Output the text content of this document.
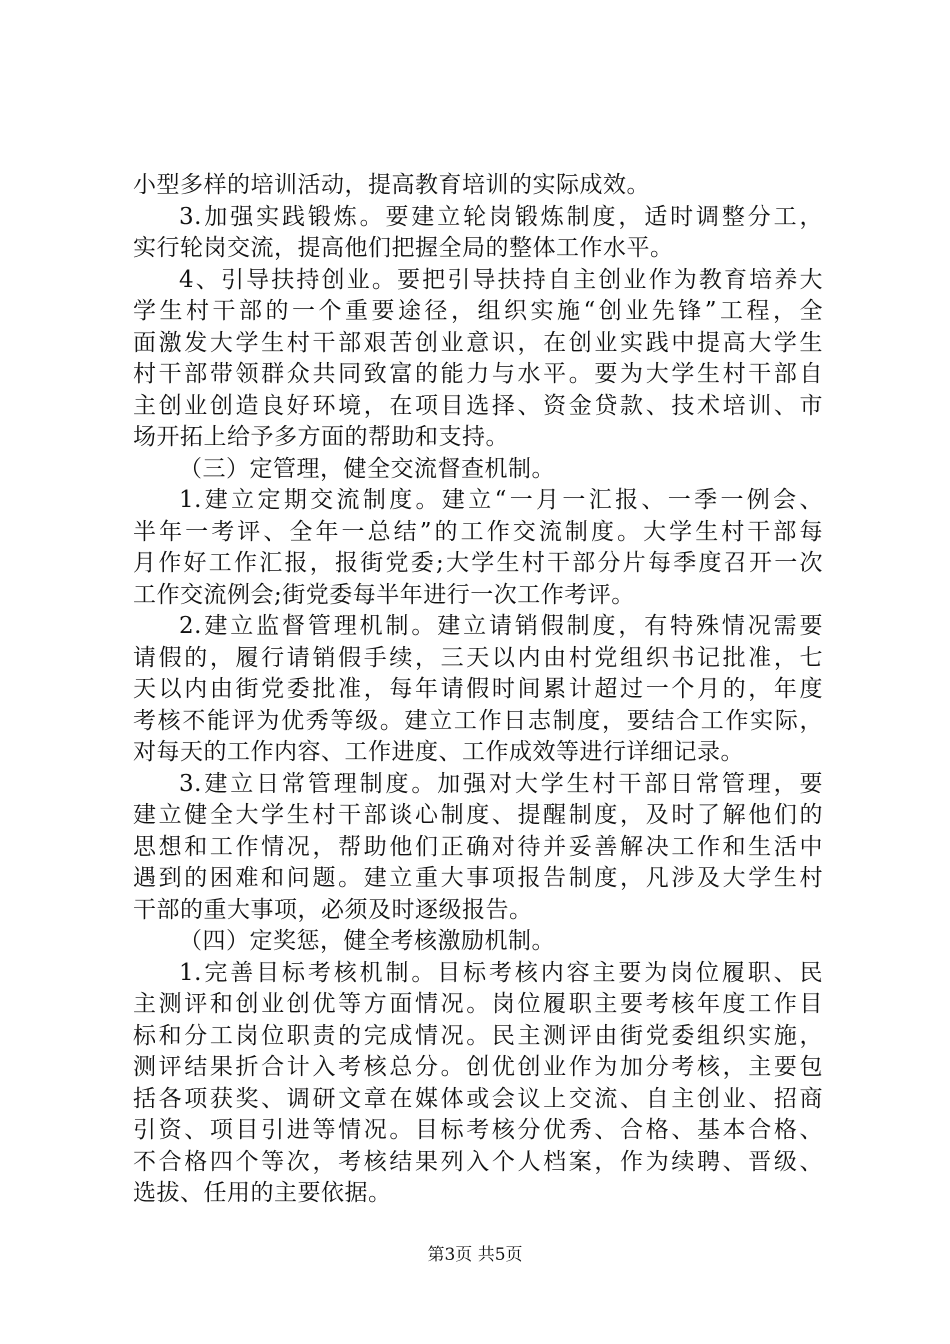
小型多样的培训活动，提高教育培训的实际成效。
3.加强实践锻炼。要建立轮岗锻炼制度，适时调整分工，
实行轮岗交流，提高他们把握全局的整体工作水平。
4、引导扶持创业。要把引导扶持自主创业作为教育培养大
学生村干部的一个重要途径，组织实施“创业先锋”工程，全
面激发大学生村干部艰苦创业意识，在创业实践中提高大学生
村干部带领群众共同致富的能力与水平。要为大学生村干部自
主创业创造良好环境，在项目选择、资金贷款、技术培训、市
场开拓上给予多方面的帮助和支持。
（三）定管理，健全交流督查机制。
1.建立定期交流制度。建立“一月一汇报、一季一例会、
半年一考评、全年一总结”的工作交流制度。大学生村干部每
月作好工作汇报，报街党委;大学生村干部分片每季度召开一次
工作交流例会;街党委每半年进行一次工作考评。
2.建立监督管理机制。建立请销假制度，有特殊情况需要
请假的，履行请销假手续，三天以内由村党组织书记批准，七
天以内由街党委批准，每年请假时间累计超过一个月的，年度
考核不能评为优秀等级。建立工作日志制度，要结合工作实际，
对每天的工作内容、工作进度、工作成效等进行详细记录。
3.建立日常管理制度。加强对大学生村干部日常管理，要
建立健全大学生村干部谈心制度、提醒制度，及时了解他们的
思想和工作情况，帮助他们正确对待并妥善解决工作和生活中
遇到的困难和问题。建立重大事项报告制度，凡涉及大学生村
干部的重大事项，必须及时逐级报告。
（四）定奖惩，健全考核激励机制。
1.完善目标考核机制。目标考核内容主要为岗位履职、民
主测评和创业创优等方面情况。岗位履职主要考核年度工作目
标和分工岗位职责的完成情况。民主测评由街党委组织实施，
测评结果折合计入考核总分。创优创业作为加分考核，主要包
括各项获奖、调研文章在媒体或会议上交流、自主创业、招商
引资、项目引进等情况。目标考核分优秀、合格、基本合格、
不合格四个等次，考核结果列入个人档案，作为续聘、晋级、
选拔、任用的主要依据。
第3页 共5页
